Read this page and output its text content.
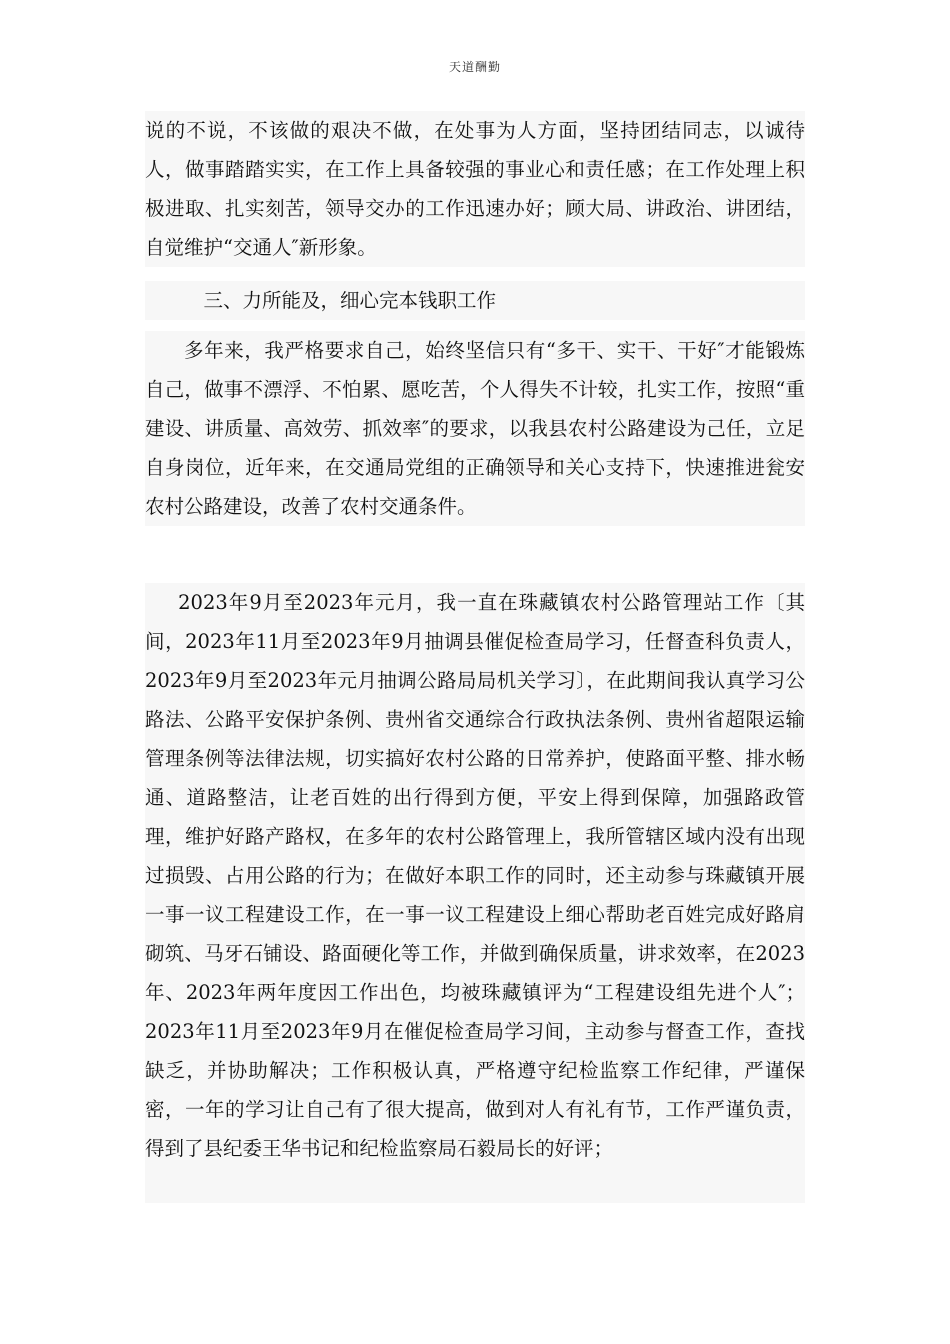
天道酬勤

说的不说，不该做的艰决不做，在处事为人方面，坚持团结同志，以诚待人，做事踏踏实实，在工作上具备较强的事业心和责任感；在工作处理上积极进取、扎实刻苦，领导交办的工作迅速办好；顾大局、讲政治、讲团结，自觉维护“交通人″新形象。

三、力所能及，细心完本钱职工作

多年来，我严格要求自己，始终坚信只有“多干、实干、干好″才能锻炼自己，做事不漂浮、不怕累、愿吃苦，个人得失不计较，扎实工作，按照“重建设、讲质量、高效劳、抓效率″的要求，以我县农村公路建设为己任，立足自身岗位，近年来，在交通局党组的正确领导和关心支持下，快速推进瓮安农村公路建设，改善了农村交通条件。

2023年9月至2023年元月，我一直在珠藏镇农村公路管理站工作〔其间，2023年11月至2023年9月抽调县催促检查局学习，任督查科负责人，2023年9月至2023年元月抽调公路局局机关学习〕，在此期间我认真学习公路法、公路平安保护条例、贵州省交通综合行政执法条例、贵州省超限运输管理条例等法律法规，切实搞好农村公路的日常养护，使路面平整、排水畅通、道路整洁，让老百姓的出行得到方便，平安上得到保障，加强路政管理，维护好路产路权，在多年的农村公路管理上，我所管辖区域内没有出现过损毁、占用公路的行为；在做好本职工作的同时，还主动参与珠藏镇开展一事一议工程建设工作，在一事一议工程建设上细心帮助老百姓完成好路肩砌筑、马牙石铺设、路面硬化等工作，并做到确保质量，讲求效率，在2023年、2023年两年度因工作出色，均被珠藏镇评为“工程建设组先进个人″；2023年11月至2023年9月在催促检查局学习间，主动参与督查工作，查找缺乏，并协助解决；工作积极认真，严格遵守纪检监察工作纪律，严谨保密，一年的学习让自己有了很大提高，做到对人有礼有节，工作严谨负责，得到了县纪委王华书记和纪检监察局石毅局长的好评；
